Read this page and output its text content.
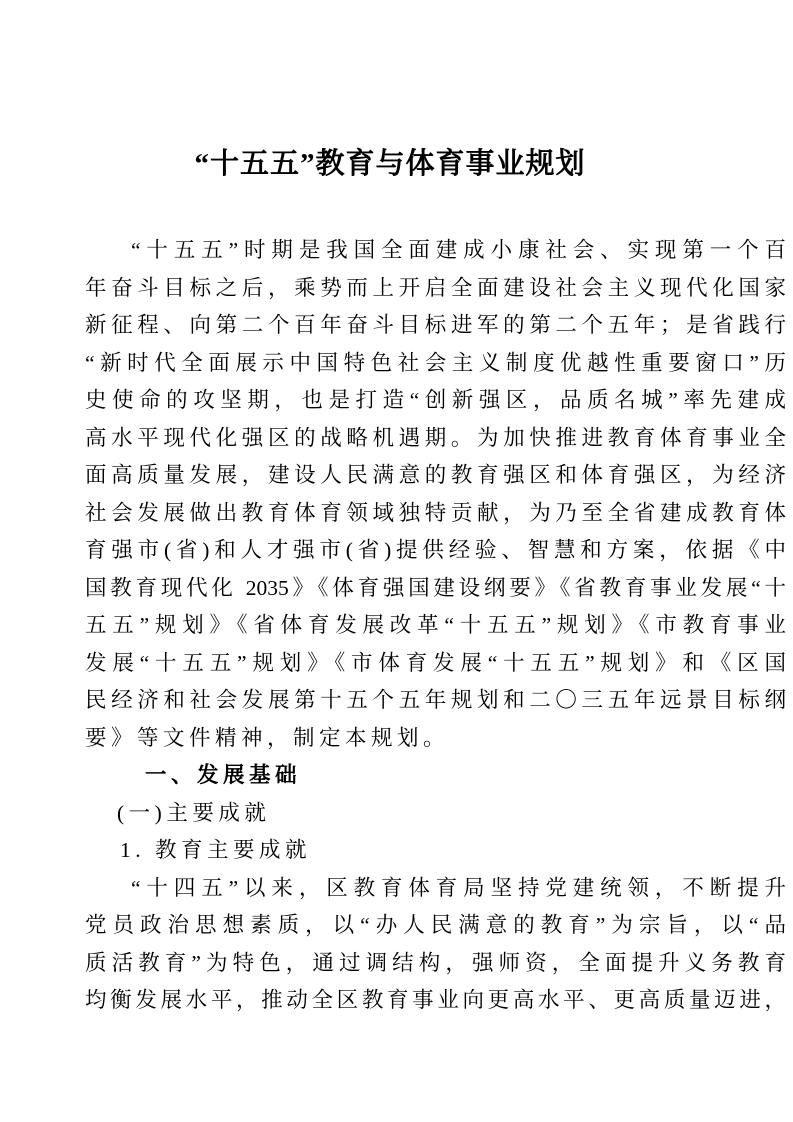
“十五五”教育与体育事业规划
“十五五”时期是我国全面建成小康社会、实现第一个百
年奋斗目标之后，乘势而上开启全面建设社会主义现代化国家
新征程、向第二个百年奋斗目标进军的第二个五年；是省践行
“新时代全面展示中国特色社会主义制度优越性重要窗口”历
史使命的攻坚期，也是打造“创新强区，品质名城”率先建成
高水平现代化强区的战略机遇期。为加快推进教育体育事业全
面高质量发展，建设人民满意的教育强区和体育强区，为经济
社会发展做出教育体育领域独特贡献，为乃至全省建成教育体
育强市(省)和人才强市(省)提供经验、智慧和方案，依据《中
国教育现代化 2035》《体育强国建设纲要》《省教育事业发展“十
五五”规划》《省体育发展改革“十五五”规划》《市教育事业
发展“十五五”规划》《市体育发展“十五五”规划》和《区国
民经济和社会发展第十五个五年规划和二〇三五年远景目标纲
要》等文件精神，制定本规划。
一、发展基础
(一)主要成就
1. 教育主要成就
“十四五”以来，区教育体育局坚持党建统领，不断提升
党员政治思想素质，以“办人民满意的教育”为宗旨，以“品
质活教育”为特色，通过调结构，强师资，全面提升义务教育
均衡发展水平，推动全区教育事业向更高水平、更高质量迈进，
